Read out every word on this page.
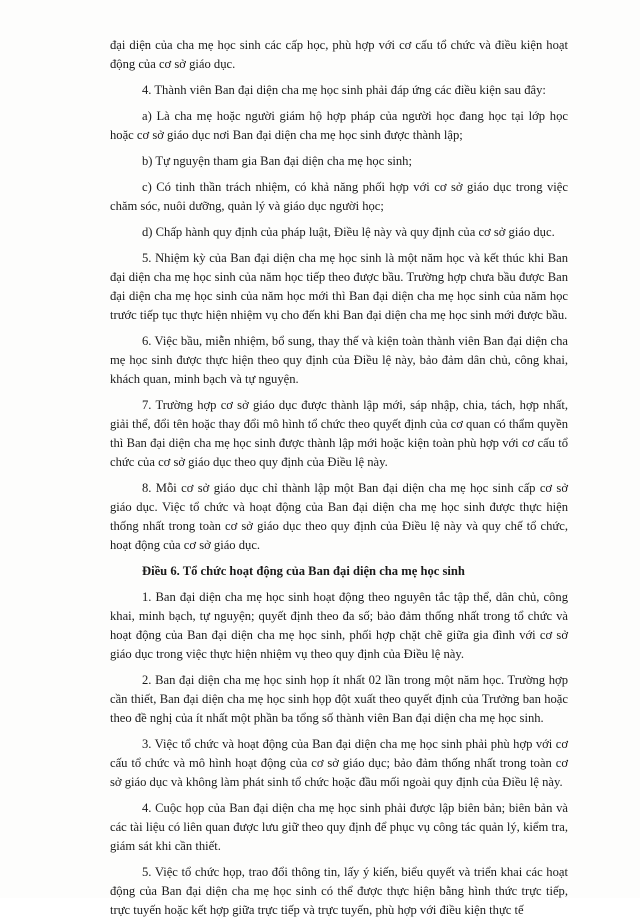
đại diện của cha mẹ học sinh các cấp học, phù hợp với cơ cấu tổ chức và điều kiện hoạt động của cơ sở giáo dục.

4. Thành viên Ban đại diện cha mẹ học sinh phải đáp ứng các điều kiện sau đây:

a) Là cha mẹ hoặc người giám hộ hợp pháp của người học đang học tại lớp học hoặc cơ sở giáo dục nơi Ban đại diện cha mẹ học sinh được thành lập;

b) Tự nguyện tham gia Ban đại diện cha mẹ học sinh;

c) Có tinh thần trách nhiệm, có khả năng phối hợp với cơ sở giáo dục trong việc chăm sóc, nuôi dưỡng, quản lý và giáo dục người học;

d) Chấp hành quy định của pháp luật, Điều lệ này và quy định của cơ sở giáo dục.

5. Nhiệm kỳ của Ban đại diện cha mẹ học sinh là một năm học và kết thúc khi Ban đại diện cha mẹ học sinh của năm học tiếp theo được bầu. Trường hợp chưa bầu được Ban đại diện cha mẹ học sinh của năm học mới thì Ban đại diện cha mẹ học sinh của năm học trước tiếp tục thực hiện nhiệm vụ cho đến khi Ban đại diện cha mẹ học sinh mới được bầu.

6. Việc bầu, miễn nhiệm, bổ sung, thay thế và kiện toàn thành viên Ban đại diện cha mẹ học sinh được thực hiện theo quy định của Điều lệ này, bảo đảm dân chủ, công khai, khách quan, minh bạch và tự nguyện.

7. Trường hợp cơ sở giáo dục được thành lập mới, sáp nhập, chia, tách, hợp nhất, giải thể, đổi tên hoặc thay đổi mô hình tổ chức theo quyết định của cơ quan có thẩm quyền thì Ban đại diện cha mẹ học sinh được thành lập mới hoặc kiện toàn phù hợp với cơ cấu tổ chức của cơ sở giáo dục theo quy định của Điều lệ này.

8. Mỗi cơ sở giáo dục chỉ thành lập một Ban đại diện cha mẹ học sinh cấp cơ sở giáo dục. Việc tổ chức và hoạt động của Ban đại diện cha mẹ học sinh được thực hiện thống nhất trong toàn cơ sở giáo dục theo quy định của Điều lệ này và quy chế tổ chức, hoạt động của cơ sở giáo dục.

Điều 6. Tổ chức hoạt động của Ban đại diện cha mẹ học sinh

1. Ban đại diện cha mẹ học sinh hoạt động theo nguyên tắc tập thể, dân chủ, công khai, minh bạch, tự nguyện; quyết định theo đa số; bảo đảm thống nhất trong tổ chức và hoạt động của Ban đại diện cha mẹ học sinh, phối hợp chặt chẽ giữa gia đình với cơ sở giáo dục trong việc thực hiện nhiệm vụ theo quy định của Điều lệ này.

2. Ban đại diện cha mẹ học sinh họp ít nhất 02 lần trong một năm học. Trường hợp cần thiết, Ban đại diện cha mẹ học sinh họp đột xuất theo quyết định của Trưởng ban hoặc theo đề nghị của ít nhất một phần ba tổng số thành viên Ban đại diện cha mẹ học sinh.

3. Việc tổ chức và hoạt động của Ban đại diện cha mẹ học sinh phải phù hợp với cơ cấu tổ chức và mô hình hoạt động của cơ sở giáo dục; bảo đảm thống nhất trong toàn cơ sở giáo dục và không làm phát sinh tổ chức hoặc đầu mối ngoài quy định của Điều lệ này.

4. Cuộc họp của Ban đại diện cha mẹ học sinh phải được lập biên bản; biên bản và các tài liệu có liên quan được lưu giữ theo quy định để phục vụ công tác quản lý, kiểm tra, giám sát khi cần thiết.

5. Việc tổ chức họp, trao đổi thông tin, lấy ý kiến, biểu quyết và triển khai các hoạt động của Ban đại diện cha mẹ học sinh có thể được thực hiện bằng hình thức trực tiếp, trực tuyến hoặc kết hợp giữa trực tiếp và trực tuyến, phù hợp với điều kiện thực tế
